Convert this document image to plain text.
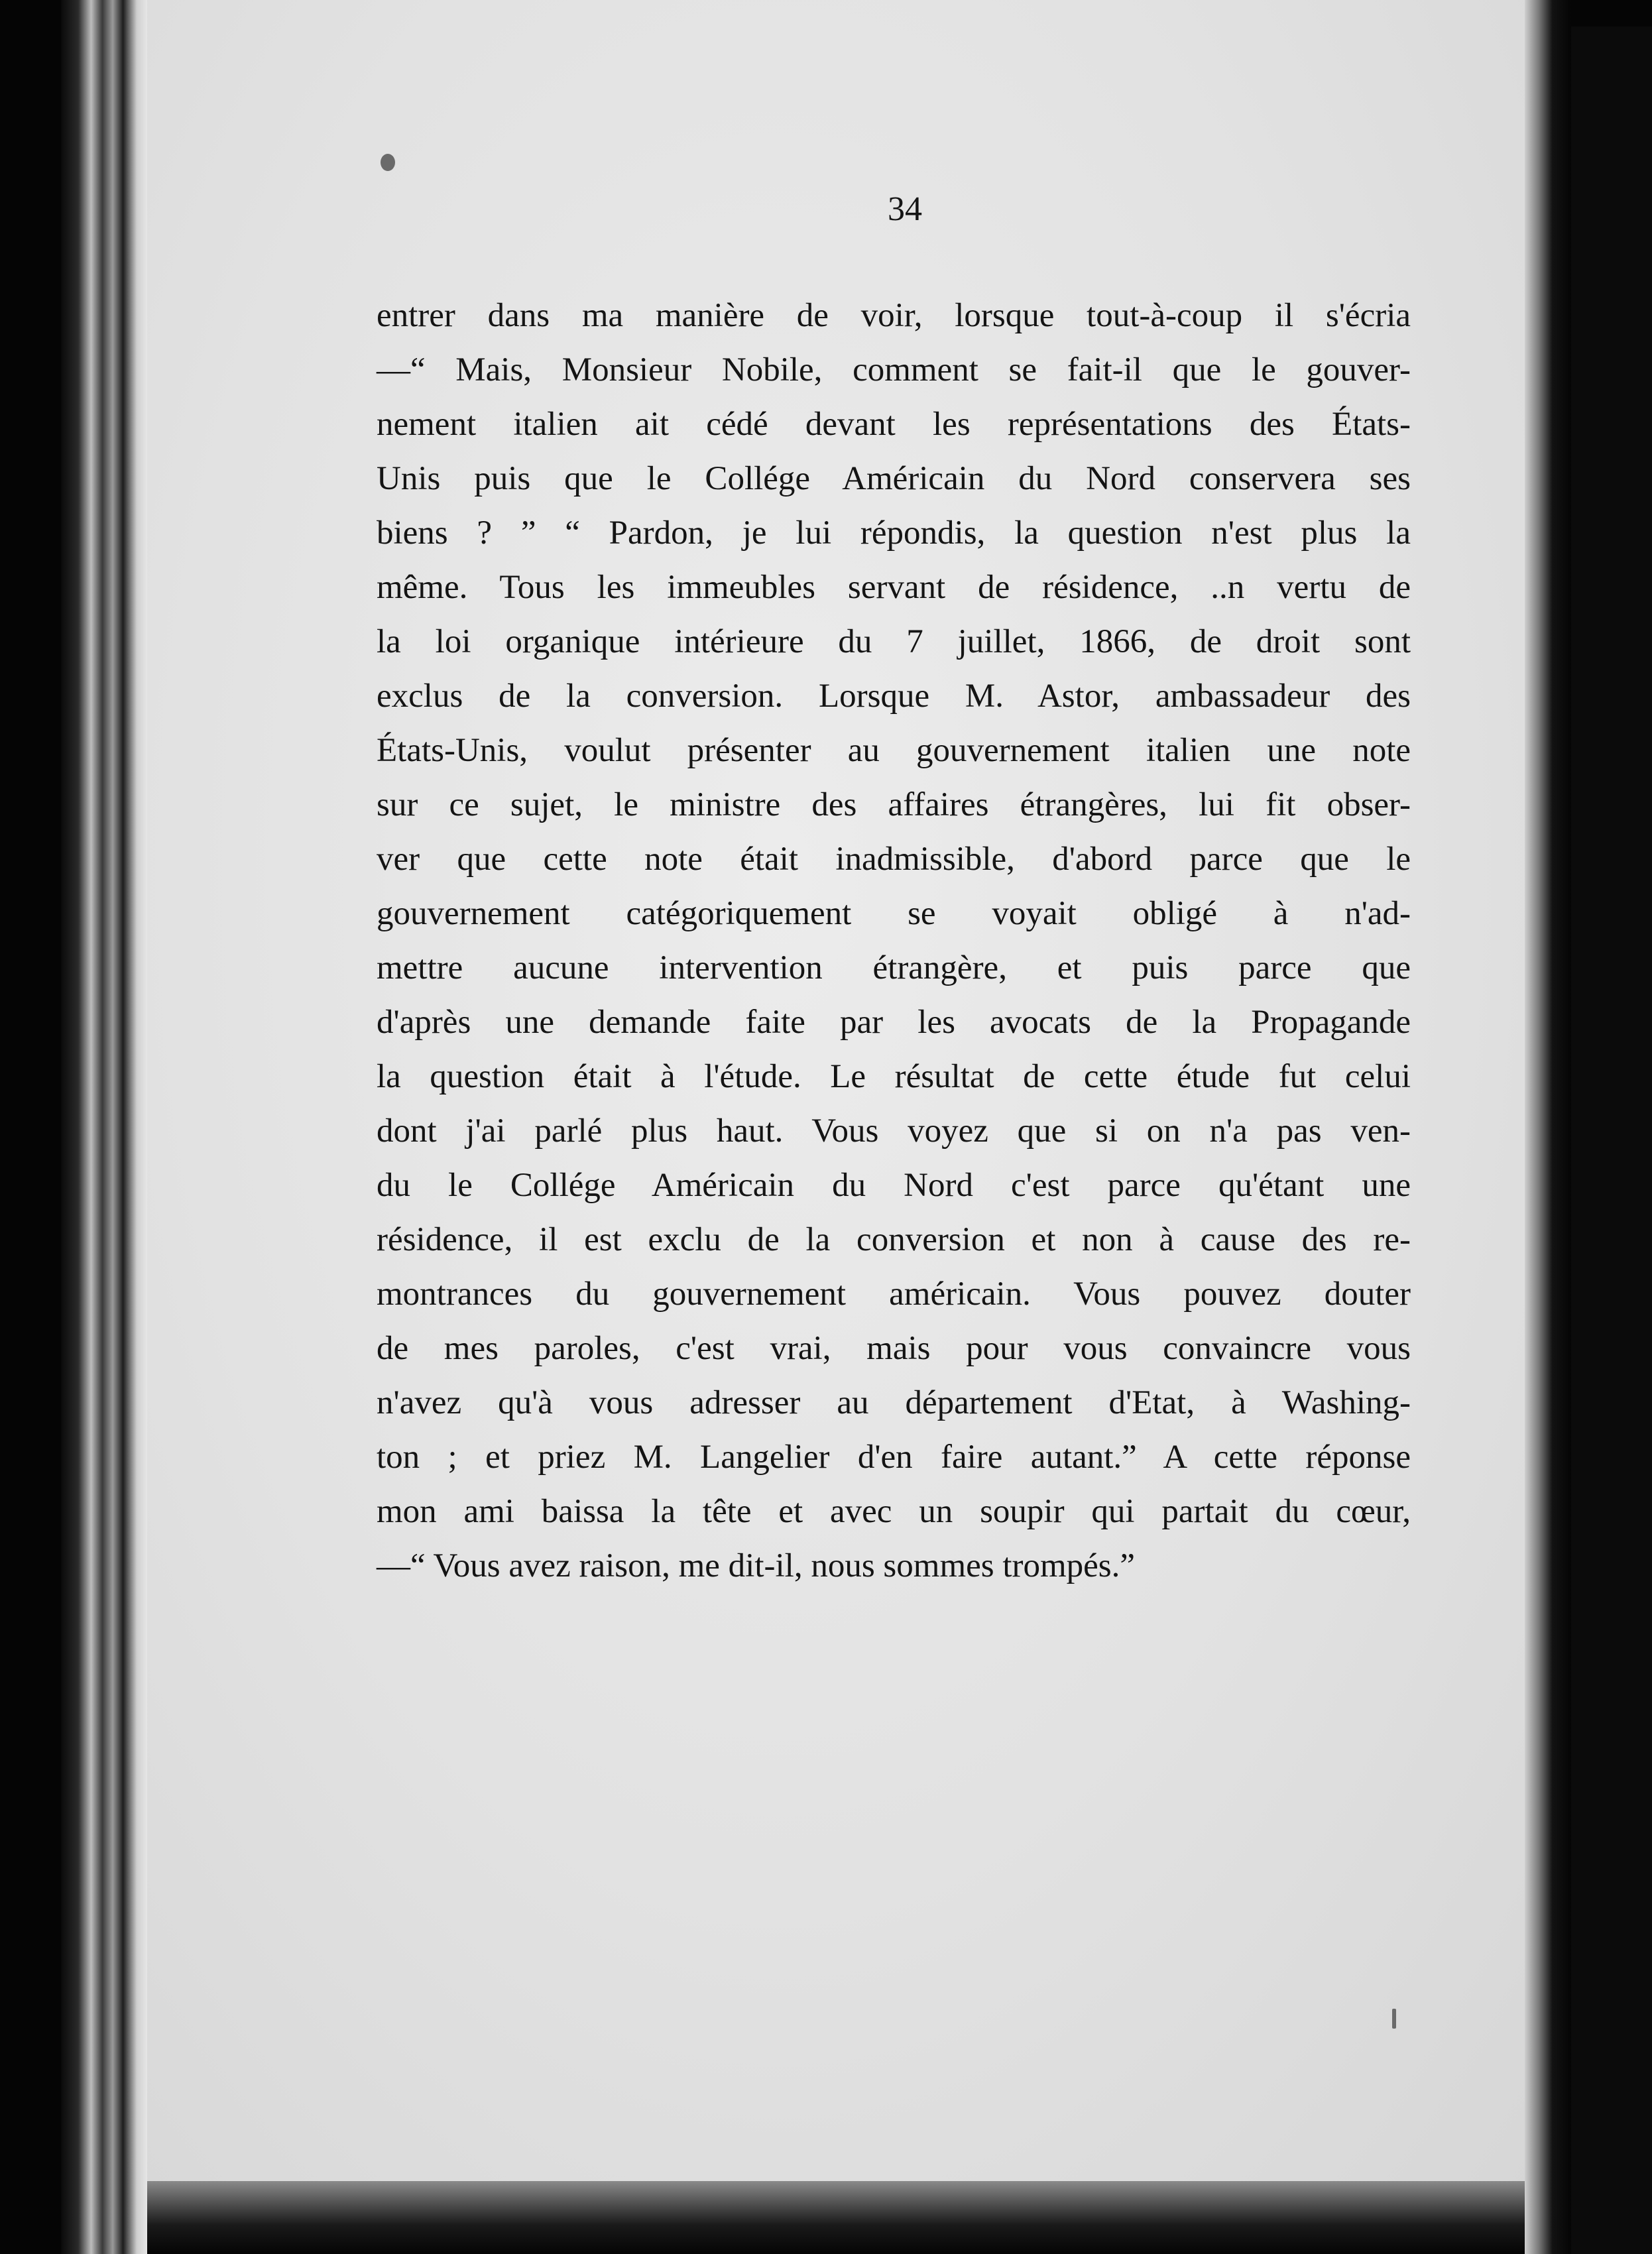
34
entrer dans ma manière de voir, lorsque tout-à-coup il s'écria
—“ Mais, Monsieur Nobile, comment se fait-il que le gouver-
nement italien ait cédé devant les représentations des États-
Unis puis que le Collége Américain du Nord conservera ses
biens ? ” “ Pardon, je lui répondis, la question n'est plus la
même. Tous les immeubles servant de résidence, ..n vertu de
la loi organique intérieure du 7 juillet, 1866, de droit sont
exclus de la conversion. Lorsque M. Astor, ambassadeur des
États-Unis, voulut présenter au gouvernement italien une note
sur ce sujet, le ministre des affaires étrangères, lui fit obser-
ver que cette note était inadmissible, d'abord parce que le
gouvernement catégoriquement se voyait obligé à n'ad-
mettre aucune intervention étrangère, et puis parce que
d'après une demande faite par les avocats de la Propagande
la question était à l'étude. Le résultat de cette étude fut celui
dont j'ai parlé plus haut. Vous voyez que si on n'a pas ven-
du le Collége Américain du Nord c'est parce qu'étant une
résidence, il est exclu de la conversion et non à cause des re-
montrances du gouvernement américain. Vous pouvez douter
de mes paroles, c'est vrai, mais pour vous convaincre vous
n'avez qu'à vous adresser au département d'Etat, à Washing-
ton ; et priez M. Langelier d'en faire autant.” A cette réponse
mon ami baissa la tête et avec un soupir qui partait du cœur,
—“ Vous avez raison, me dit-il, nous sommes trompés.”
